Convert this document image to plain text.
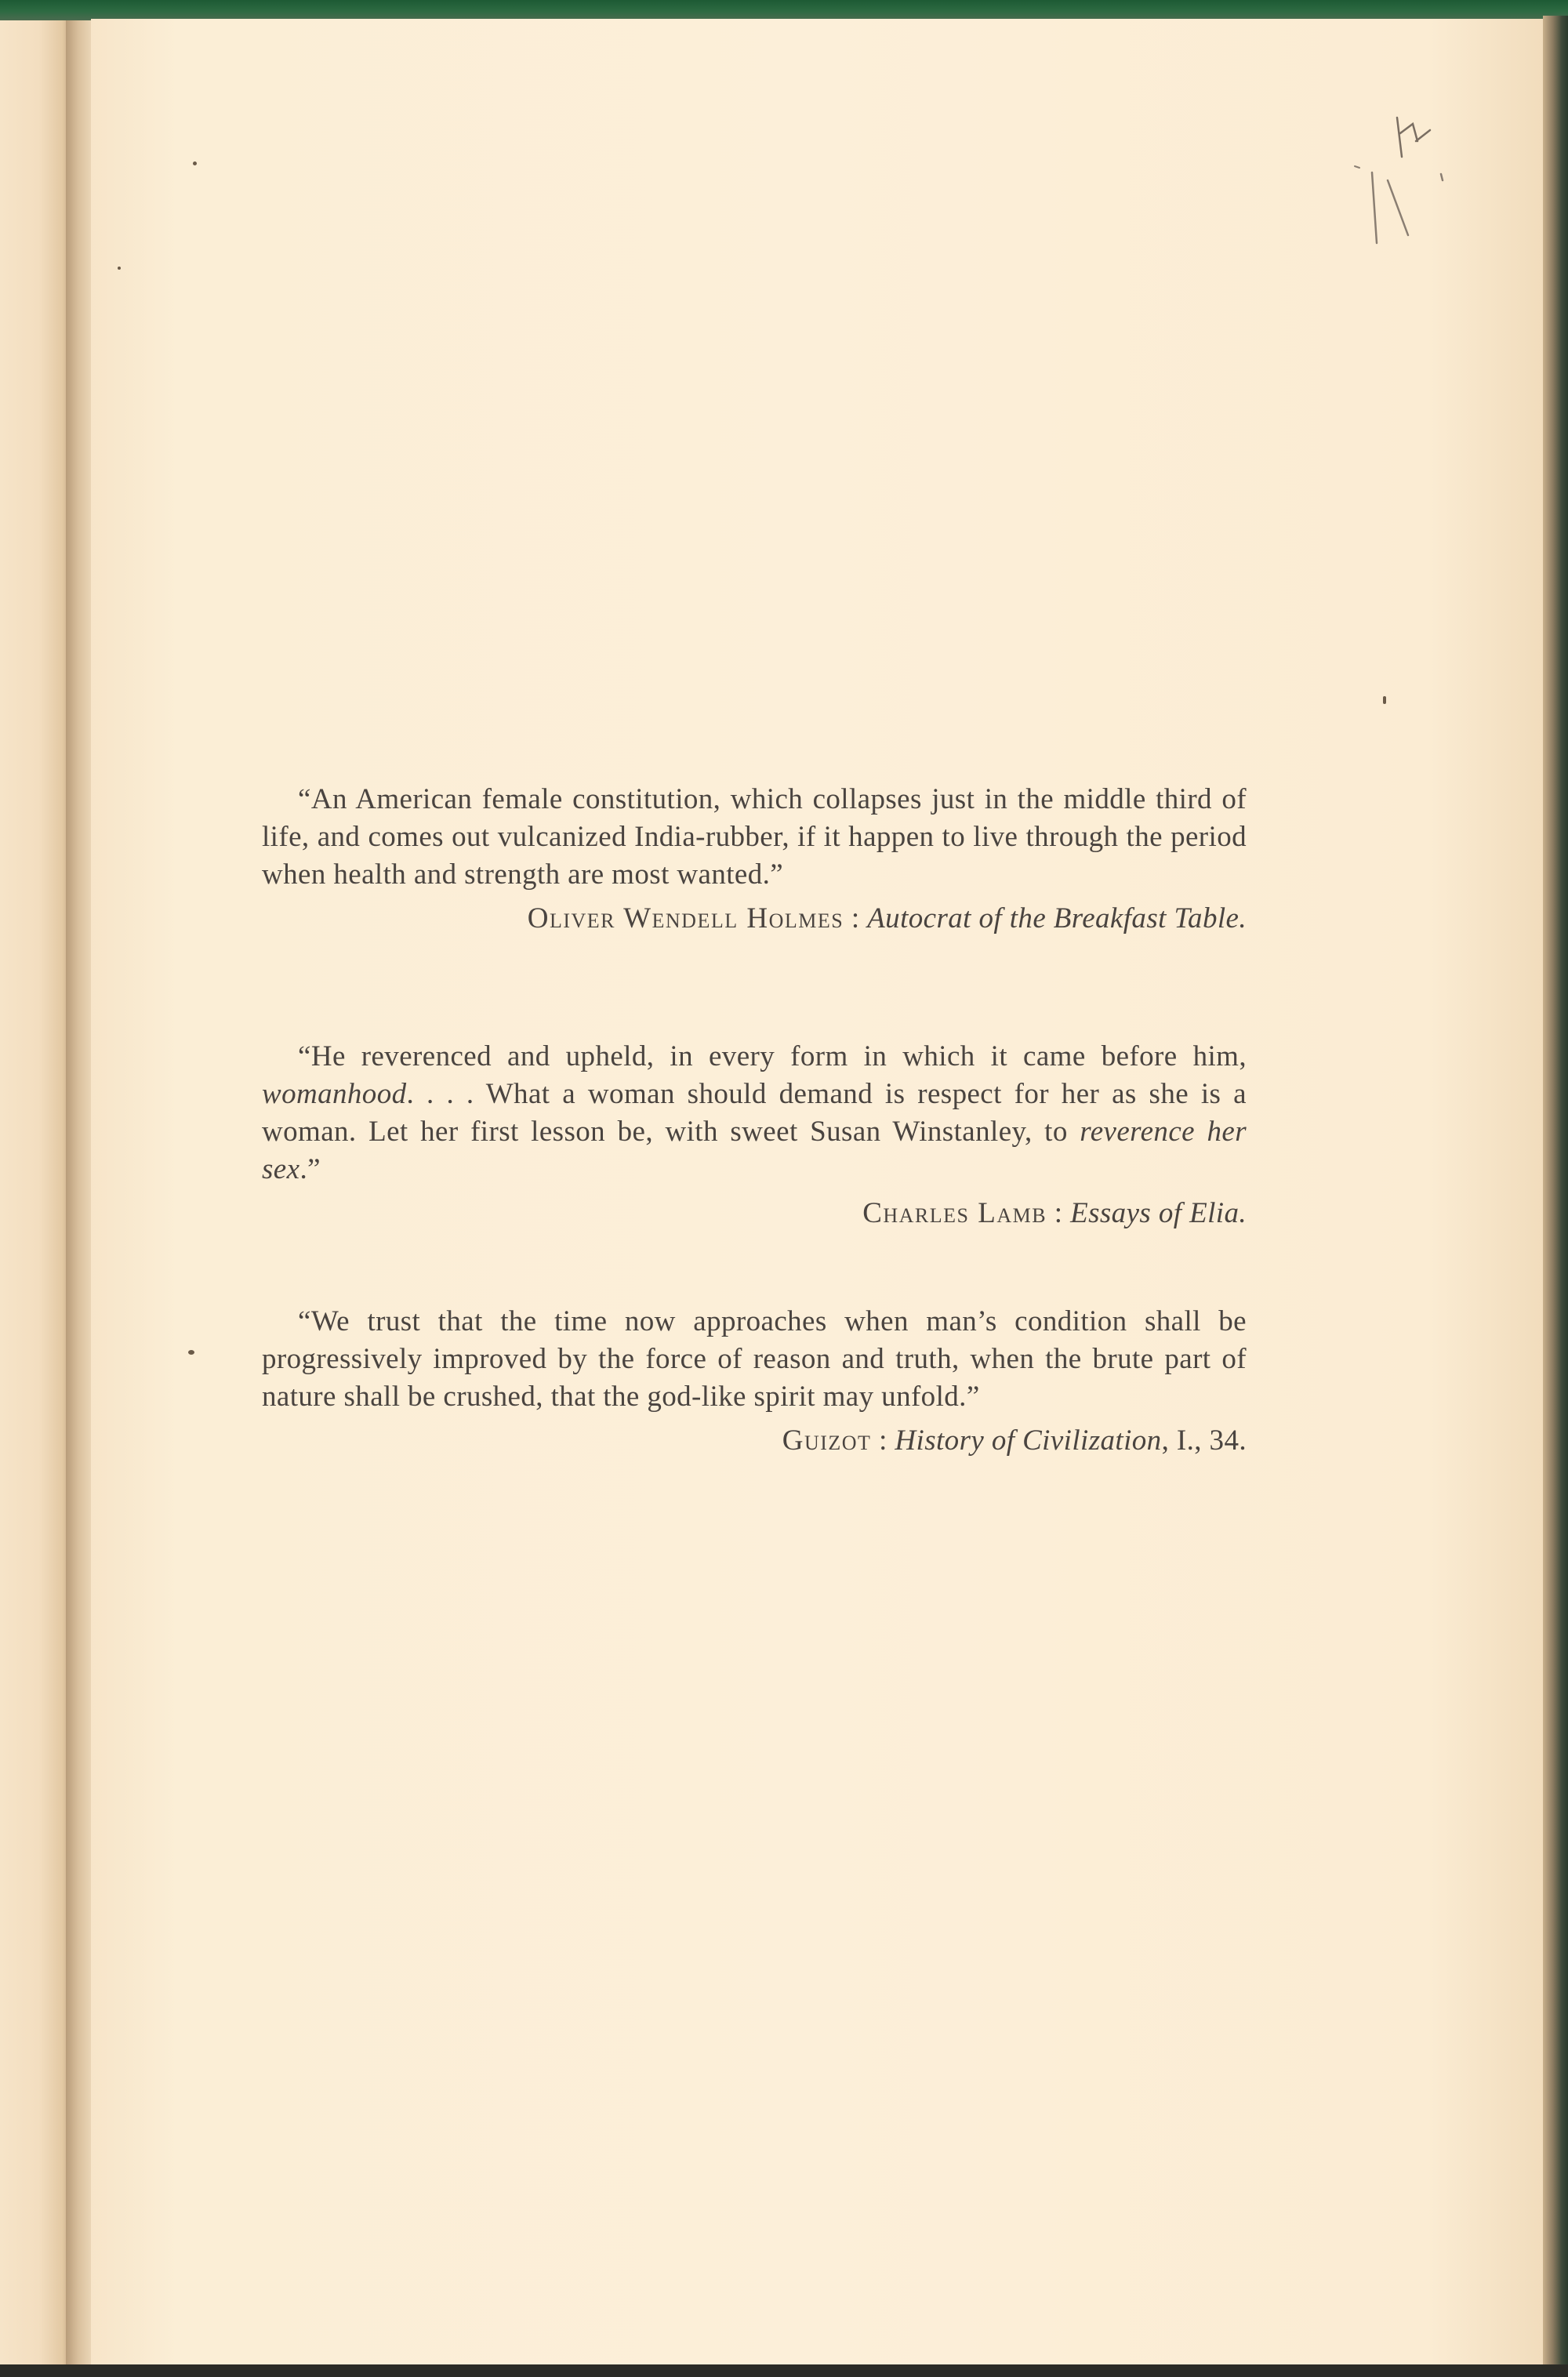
“An American female constitution, which collapses just in the middle third of life, and comes out vulcanized India-rubber, if it happen to live through the period when health and strength are most wanted.”

Oliver Wendell Holmes : Autocrat of the Breakfast Table.

“He reverenced and upheld, in every form in which it came before him, womanhood. . . . What a woman should demand is respect for her as she is a woman. Let her first lesson be, with sweet Susan Winstanley, to reverence her sex.”

Charles Lamb : Essays of Elia.

“We trust that the time now approaches when man’s condition shall be progressively improved by the force of reason and truth, when the brute part of nature shall be crushed, that the god-like spirit may unfold.”

Guizot : History of Civilization, I., 34.
